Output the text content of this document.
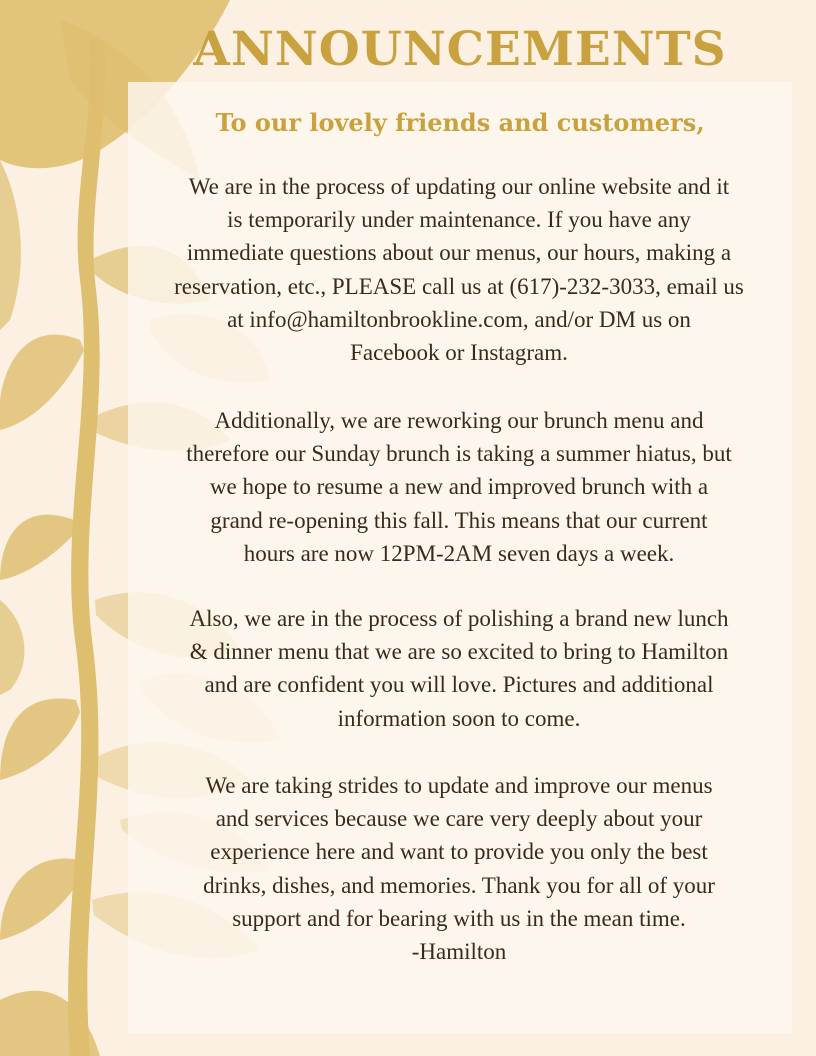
ANNOUNCEMENTS
To our lovely friends and customers,
We are in the process of updating our online website and it
is temporarily under maintenance. If you have any
immediate questions about our menus, our hours, making a
reservation, etc., PLEASE call us at (617)-232-3033, email us
at info@hamiltonbrookline.com, and/or DM us on
Facebook or Instagram.
Additionally, we are reworking our brunch menu and
therefore our Sunday brunch is taking a summer hiatus, but
we hope to resume a new and improved brunch with a
grand re-opening this fall. This means that our current
hours are now 12PM-2AM seven days a week.
Also, we are in the process of polishing a brand new lunch
& dinner menu that we are so excited to bring to Hamilton
and are confident you will love. Pictures and additional
information soon to come.
We are taking strides to update and improve our menus
and services because we care very deeply about your
experience here and want to provide you only the best
drinks, dishes, and memories. Thank you for all of your
support and for bearing with us in the mean time.
-Hamilton
